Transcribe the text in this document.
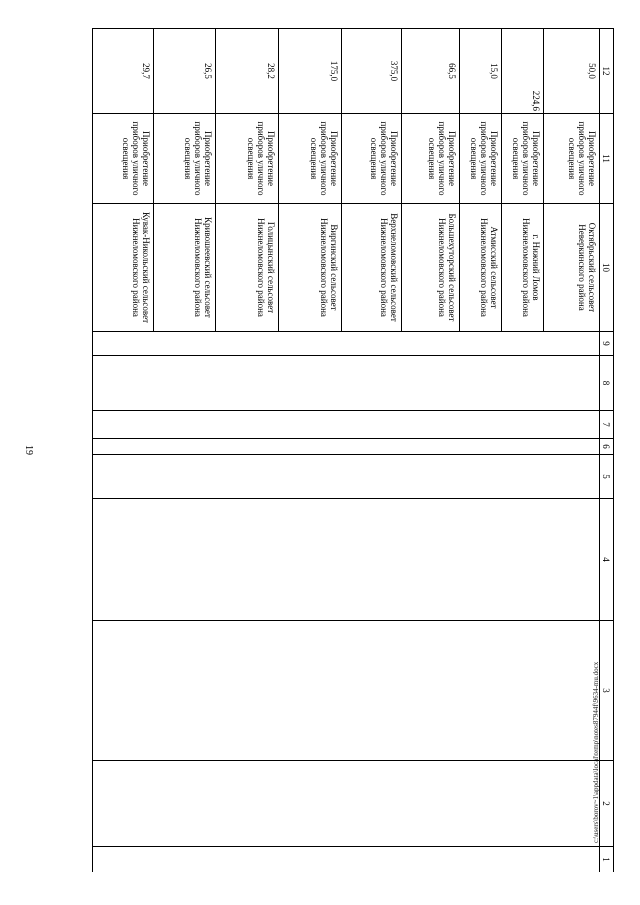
19
c:\users\borov~1\appdata\local\temp\notes87944f\9634-mu.docx
12	11	10	9	8	7	6	5	4	3	2	1
50,0	Приобретение приборов уличного освещения	Октябрьский сельсовет Неверкинского района									
224,6	Приобретение приборов уличного освещения	г. Нижний Ломов Нижнеломовского района									
15,0	Приобретение приборов уличного освещения	Атмисский сельсовет Нижнеломовского района									
66,5	Приобретение приборов уличного освещения	Большехуторский сельсовет Нижнеломовского района									
375,0	Приобретение приборов уличного освещения	Верхнеломовский сельсовет Нижнеломовского района									
175,0	Приобретение приборов уличного освещения	Виргинский сельсовет Нижнеломовского района									
28,2	Приобретение приборов уличного освещения	Голицынский сельсовет Нижнеломовского района									
26,5	Приобретение приборов уличного освещения	Кривошеевский сельсовет Нижнеломовского района									
29,7	Приобретение приборов уличного освещения	Кувак-Никольский сельсовет Нижнеломовского района									
